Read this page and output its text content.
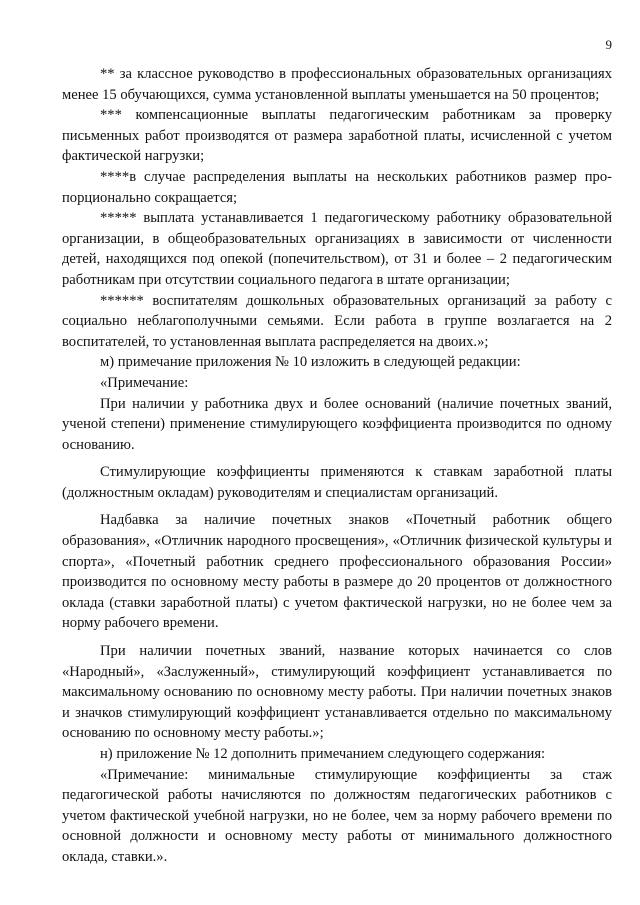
9

** за классное руководство в профессиональных образовательных организациях менее 15 обучающихся, сумма установленной выплаты уменьшается на 50 процентов;

*** компенсационные выплаты педагогическим работникам за проверку письменных работ производятся от размера заработной платы, исчисленной с учетом фактической нагрузки;

****в случае распределения выплаты на нескольких работников размер пропорционально сокращается;

***** выплата устанавливается 1 педагогическому работнику образовательной организации, в общеобразовательных организациях в зависимости от численности детей, находящихся под опекой (попечительством), от 31 и более – 2 педагогическим работникам при отсутствии социального педагога в штате организации;

****** воспитателям дошкольных образовательных организаций за работу с социально неблагополучными семьями. Если работа в группе возлагается на 2 воспитателей, то установленная выплата распределяется на двоих.»;

м) примечание приложения № 10 изложить в следующей редакции:

«Примечание:

При наличии у работника двух и более оснований (наличие почетных званий, ученой степени) применение стимулирующего коэффициента производится по одному основанию.

Стимулирующие коэффициенты применяются к ставкам заработной платы (должностным окладам) руководителям и специалистам организаций.

Надбавка за наличие почетных знаков «Почетный работник общего образования», «Отличник народного просвещения», «Отличник физической культуры и спорта», «Почетный работник среднего профессионального образования России» производится по основному месту работы в размере до 20 процентов от должностного оклада (ставки заработной платы) с учетом фактической нагрузки, но не более чем за норму рабочего времени.

При наличии почетных званий, название которых начинается со слов «Народный», «Заслуженный», стимулирующий коэффициент устанавливается по максимальному основанию по основному месту работы. При наличии почетных знаков и значков стимулирующий коэффициент устанавливается отдельно по максимальному основанию по основному месту работы.»;

н) приложение № 12 дополнить примечанием следующего содержания:

«Примечание: минимальные стимулирующие коэффициенты за стаж педагогической работы начисляются по должностям педагогических работников с учетом фактической учебной нагрузки, но не более, чем за норму рабочего времени по основной должности и основному месту работы от минимального должностного оклада, ставки.».
